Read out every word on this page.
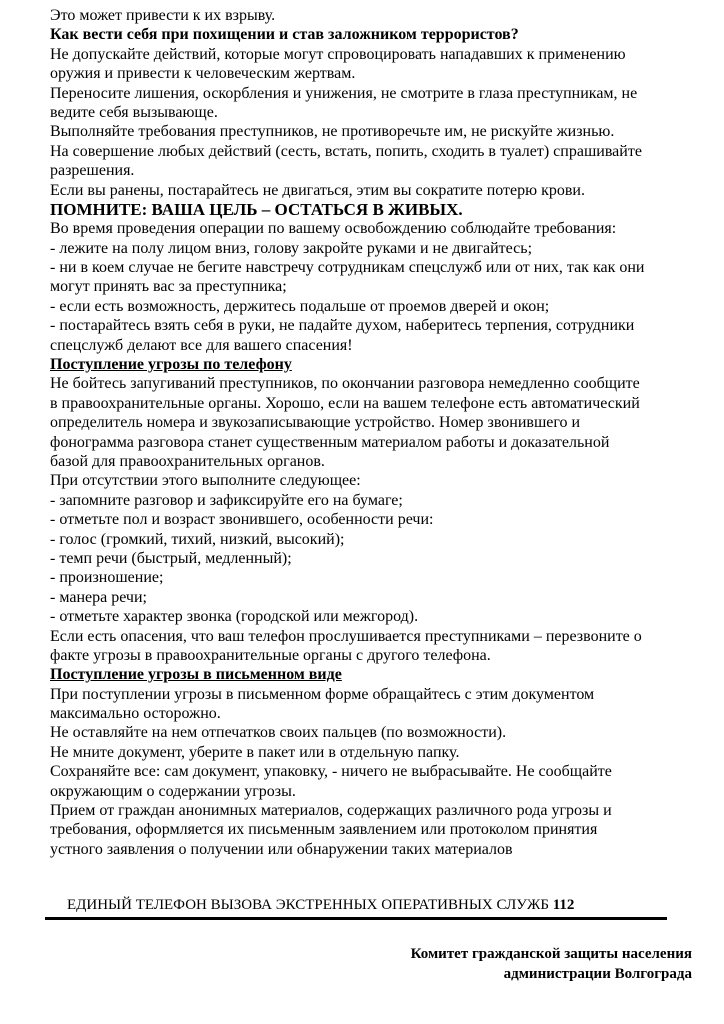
Это может привести к их взрыву.
Как вести себя при похищении и став заложником террористов?
Не допускайте действий, которые могут спровоцировать нападавших к применению
оружия и привести к человеческим жертвам.
Переносите лишения, оскорбления и унижения, не смотрите в глаза преступникам, не
ведите себя вызывающе.
Выполняйте требования преступников, не противоречьте им, не рискуйте жизнью.
На совершение любых действий (сесть, встать, попить, сходить в туалет) спрашивайте
разрешения.
Если вы ранены, постарайтесь не двигаться, этим вы сократите потерю крови.
ПОМНИТЕ: ВАША ЦЕЛЬ – ОСТАТЬСЯ В ЖИВЫХ.
Во время проведения операции по вашему освобождению соблюдайте требования:
- лежите на полу лицом вниз, голову закройте руками и не двигайтесь;
- ни в коем случае не бегите навстречу сотрудникам спецслужб или от них, так как они
могут принять вас за преступника;
- если есть возможность, держитесь подальше от проемов дверей и окон;
- постарайтесь взять себя в руки, не падайте духом, наберитесь терпения, сотрудники
спецслужб делают все для вашего спасения!
Поступление угрозы по телефону
Не бойтесь запугиваний преступников, по окончании разговора немедленно сообщите
в правоохранительные органы. Хорошо, если на вашем телефоне есть автоматический
определитель номера и звукозаписывающие устройство. Номер звонившего и
фонограмма разговора станет существенным материалом работы и доказательной
базой для правоохранительных органов.
При отсутствии этого выполните следующее:
- запомните разговор и зафиксируйте его на бумаге;
- отметьте пол и возраст звонившего, особенности речи:
- голос (громкий, тихий, низкий, высокий);
- темп речи (быстрый, медленный);
- произношение;
- манера речи;
- отметьте характер звонка (городской или межгород).
Если есть опасения, что ваш телефон прослушивается преступниками – перезвоните о
факте угрозы в правоохранительные органы с другого телефона.
Поступление угрозы в письменном виде
При поступлении угрозы в письменном форме обращайтесь с этим документом
максимально осторожно.
Не оставляйте на нем отпечатков своих пальцев (по возможности).
Не мните документ, уберите в пакет или в отдельную папку.
Сохраняйте все: сам документ, упаковку, - ничего не выбрасывайте. Не сообщайте
окружающим о содержании угрозы.
Прием от граждан анонимных материалов, содержащих различного рода угрозы и
требования, оформляется их письменным заявлением или протоколом принятия
устного заявления о получении или обнаружении таких материалов
ЕДИНЫЙ ТЕЛЕФОН ВЫЗОВА ЭКСТРЕННЫХ ОПЕРАТИВНЫХ СЛУЖБ 112
Комитет гражданской защиты населения
администрации Волгограда
